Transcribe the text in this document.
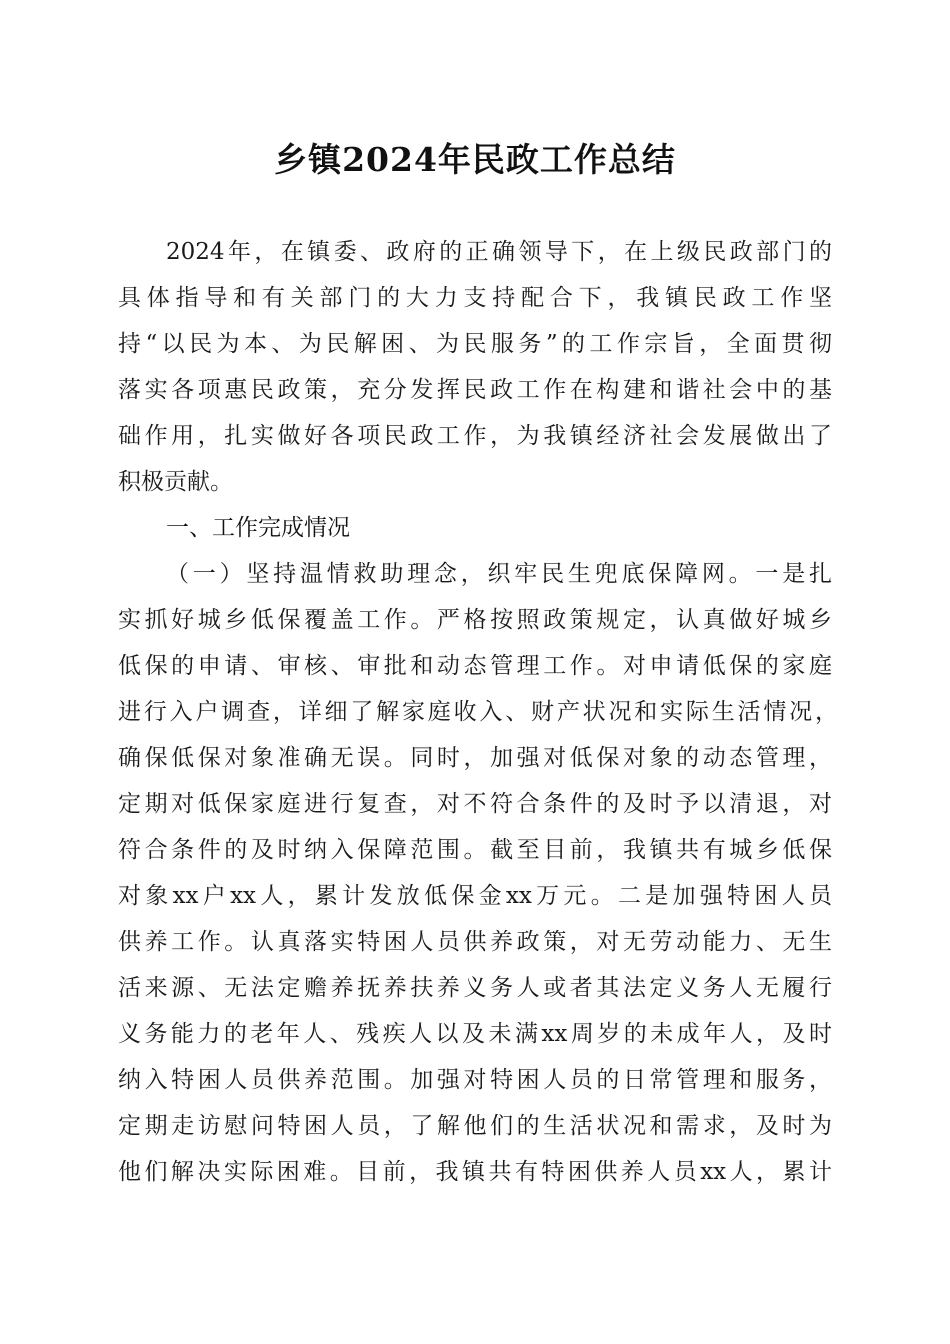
乡镇2024年民政工作总结
2024年，在镇委、政府的正确领导下，在上级民政部门的
具体指导和有关部门的大力支持配合下，我镇民政工作坚
持“以民为本、为民解困、为民服务”的工作宗旨，全面贯彻
落实各项惠民政策，充分发挥民政工作在构建和谐社会中的基
础作用，扎实做好各项民政工作，为我镇经济社会发展做出了
积极贡献。
一、工作完成情况
（一）坚持温情救助理念，织牢民生兜底保障网。一是扎
实抓好城乡低保覆盖工作。严格按照政策规定，认真做好城乡
低保的申请、审核、审批和动态管理工作。对申请低保的家庭
进行入户调查，详细了解家庭收入、财产状况和实际生活情况，
确保低保对象准确无误。同时，加强对低保对象的动态管理，
定期对低保家庭进行复查，对不符合条件的及时予以清退，对
符合条件的及时纳入保障范围。截至目前，我镇共有城乡低保
对象xx户xx人，累计发放低保金xx万元。二是加强特困人员
供养工作。认真落实特困人员供养政策，对无劳动能力、无生
活来源、无法定赡养抚养扶养义务人或者其法定义务人无履行
义务能力的老年人、残疾人以及未满xx周岁的未成年人，及时
纳入特困人员供养范围。加强对特困人员的日常管理和服务，
定期走访慰问特困人员，了解他们的生活状况和需求，及时为
他们解决实际困难。目前，我镇共有特困供养人员xx人，累计
